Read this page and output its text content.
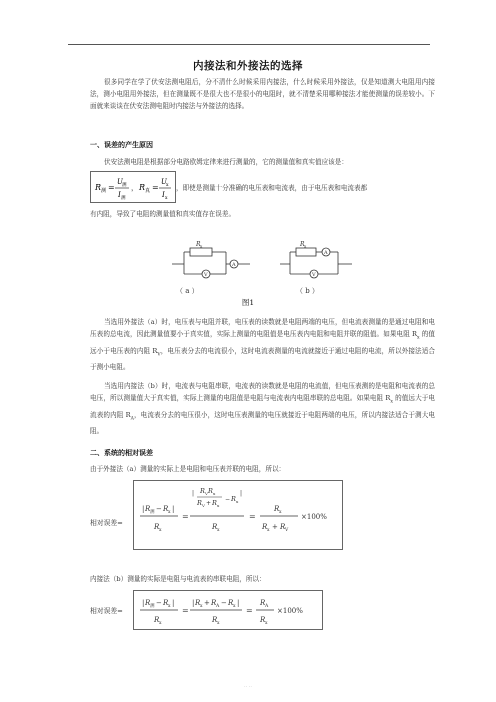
内接法和外接法的选择
很多同学在学了伏安法测电阻后，分不清什么时候采用内接法，什么时候采用外接法，仅是知道测大电阻用内接法，测小电阻用外接法，但在测量既不是很大也不是很小的电阻时，就不清楚采用哪种接法才能使测量的误差较小。下面就来谈谈在伏安法测电阻时内接法与外接法的选择。
一、误差的产生原因
伏安法测电阻是根据部分电路欧姆定律来进行测量的，它的测量值和真实值应该是：
R 测 =
U 测
I 测
， R 真 =
U x
I x
，即使是测量十分准确的电压表和电流表，由于电压表和电流表都
有内阻，导致了电阻的测量值和真实值存在误差。
R x
V
A
R x
A
V
（ a ）	（ b ）
图1
当选用外接法（a）时，电压表与电阻并联，电压表的读数就是电阻两端的电压，但电流表测量的是通过电阻和电压表的总电流，因此测量值要小于真实值，实际上测量的电阻值是电压表内电阻和电阻并联的阻值。如果电阻 $R_x$ 的值远小于电压表的内阻 $R_V$，电压表分去的电流很小，这时电流表测量的电流就接近于通过电阻的电流，所以外接法适合于测小电阻。
当选用内接法（b）时，电流表与电阻串联，电流表的读数就是电阻的电流值，但电压表测的是电阻和电流表的总电压，所以测量值大于真实值，实际上测量的电阻值是电阻与电流表内电阻串联的总电阻。如果电阻 $R_x$ 的值远大于电流表的内阻 $R_A$，电流表分去的电压很小，这时电压表测量的电压就接近于电阻两端的电压，所以内接法适合于测大电阻。
二、系统的相对误差
由于外接法（a）测量的实际上是电阻和电压表并联的电阻，所以：
相对误差=
| R 测 − R x |
R x
=
| R V R x
R V + R x
− R x
|
R x
=
R x
R x + R V
×100%
内接法（b）测量的实际是电阻与电流表的串联电阻，所以：
相对误差=
| R 测 − R x |
R x
=
| R x + R A − R x |
R x
=
R A
R x
×100%
·· ··
